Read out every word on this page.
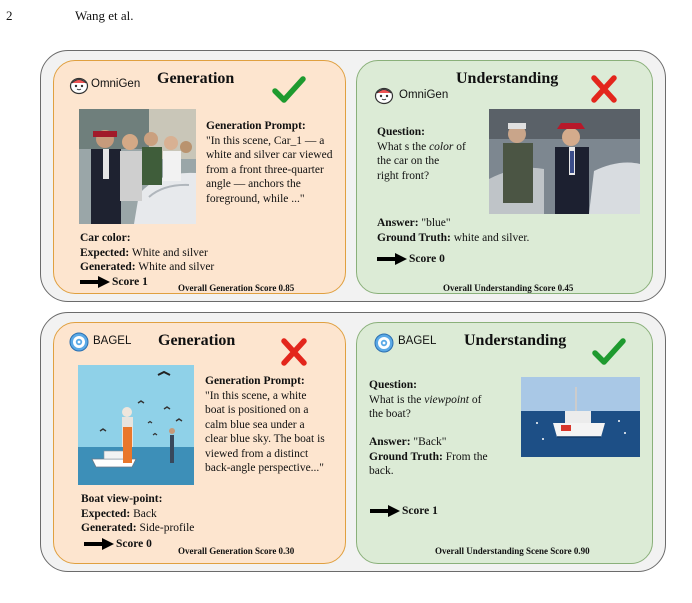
2	Wang et al.
OmniGen Generation
Generation Prompt:
"In this scene, Car_1 — a
white and silver car viewed
from a front three-quarter
angle — anchors the
foreground, while ..."
Car color:
Expected: White and silver
Generated: White and silver
Score 1	Overall Generation Score 0.85
OmniGen
Understanding
Question:
What s the color of
the car on the
right front?
Answer: "blue"
Ground Truth: white and silver.
Score 0
Overall Understanding Score 0.45
BAGEL Generation
Generation Prompt:
"In this scene, a white
boat is positioned on a
calm blue sea under a
clear blue sky. The boat is
viewed from a distinct
back-angle perspective..."
Boat view-point:
Expected: Back
Generated: Side-profile
Score 0
Overall Generation Score 0.30
BAGEL Understanding
Question:
What is the viewpoint of
the boat?
Answer: "Back"
Ground Truth: From the
back.
Score 1
Overall Understanding Scene Score 0.90
